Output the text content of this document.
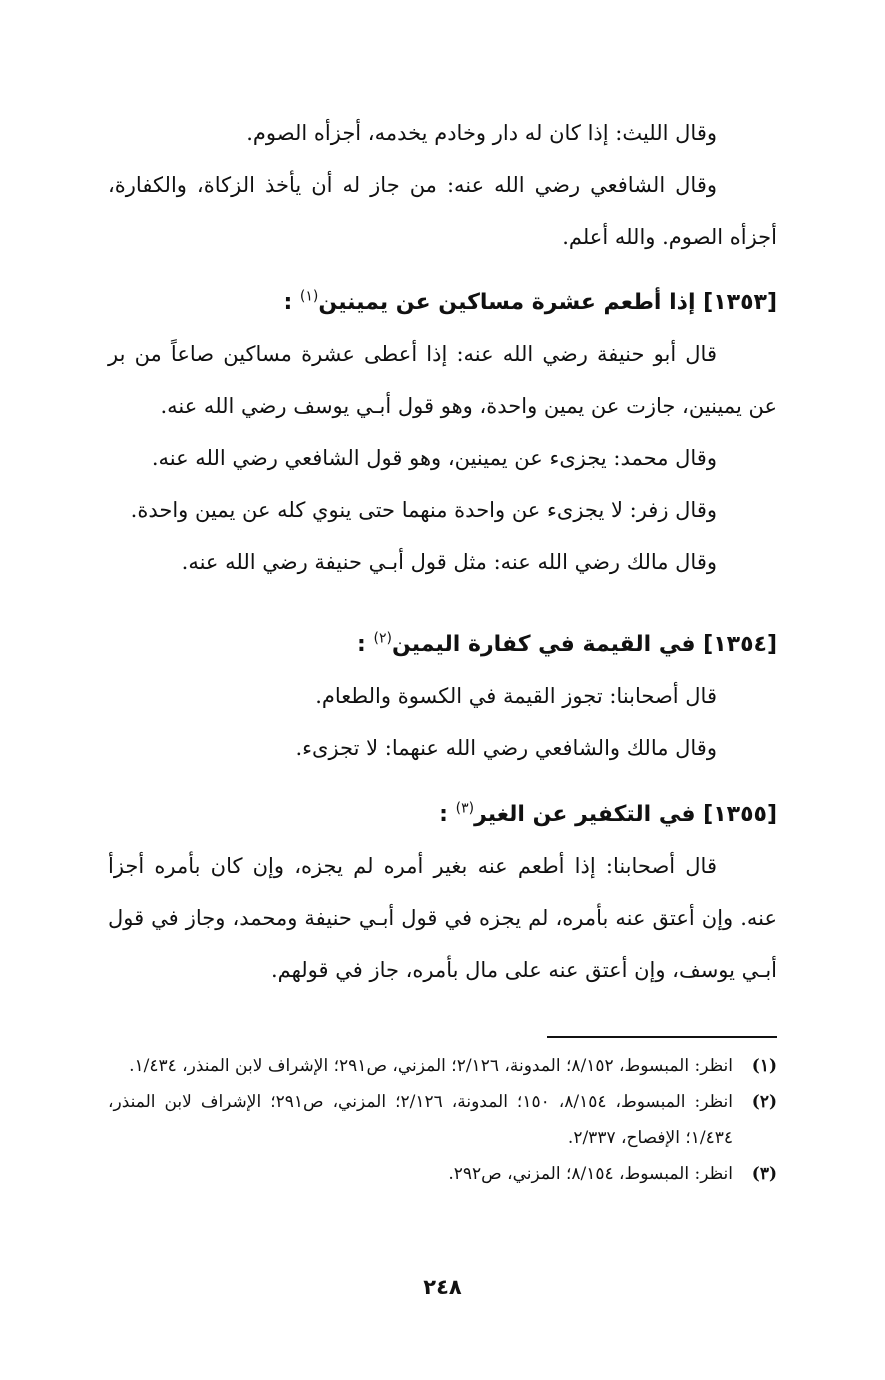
وقال الليث: إذا كان له دار وخادم يخدمه، أجزأه الصوم.

وقال الشافعي رضي الله عنه: من جاز له أن يأخذ الزكاة، والكفارة، أجزأه الصوم. والله أعلم.

[١٣٥٣] إذا أطعم عشرة مساكين عن يمينين$^{(١)}$ :

قال أبو حنيفة رضي الله عنه: إذا أعطى عشرة مساكين صاعاً من بر عن يمينين، جازت عن يمين واحدة، وهو قول أبـي يوسف رضي الله عنه.

وقال محمد: يجزىء عن يمينين، وهو قول الشافعي رضي الله عنه.

وقال زفر: لا يجزىء عن واحدة منهما حتى ينوي كله عن يمين واحدة.

وقال مالك رضي الله عنه: مثل قول أبـي حنيفة رضي الله عنه.

[١٣٥٤] في القيمة في كفارة اليمين$^{(٢)}$ :

قال أصحابنا: تجوز القيمة في الكسوة والطعام.

وقال مالك والشافعي رضي الله عنهما: لا تجزىء.

[١٣٥٥] في التكفير عن الغير$^{(٣)}$ :

قال أصحابنا: إذا أطعم عنه بغير أمره لم يجزه، وإن كان بأمره أجزأ عنه. وإن أعتق عنه بأمره، لم يجزه في قول أبـي حنيفة ومحمد، وجاز في قول أبـي يوسف، وإن أعتق عنه على مال بأمره، جاز في قولهم.

(١)
انظر: المبسوط، ٨/١٥٢؛ المدونة، ٢/١٢٦؛ المزني، ص٢٩١؛ الإشراف لابن المنذر، ١/٤٣٤.

(٢)
انظر: المبسوط، ٨/١٥٤، ١٥٠؛ المدونة، ٢/١٢٦؛ المزني، ص٢٩١؛ الإشراف لابن المنذر، ١/٤٣٤؛ الإفصاح، ٢/٣٣٧.

(٣)
انظر: المبسوط، ٨/١٥٤؛ المزني، ص٢٩٢.

٢٤٨
